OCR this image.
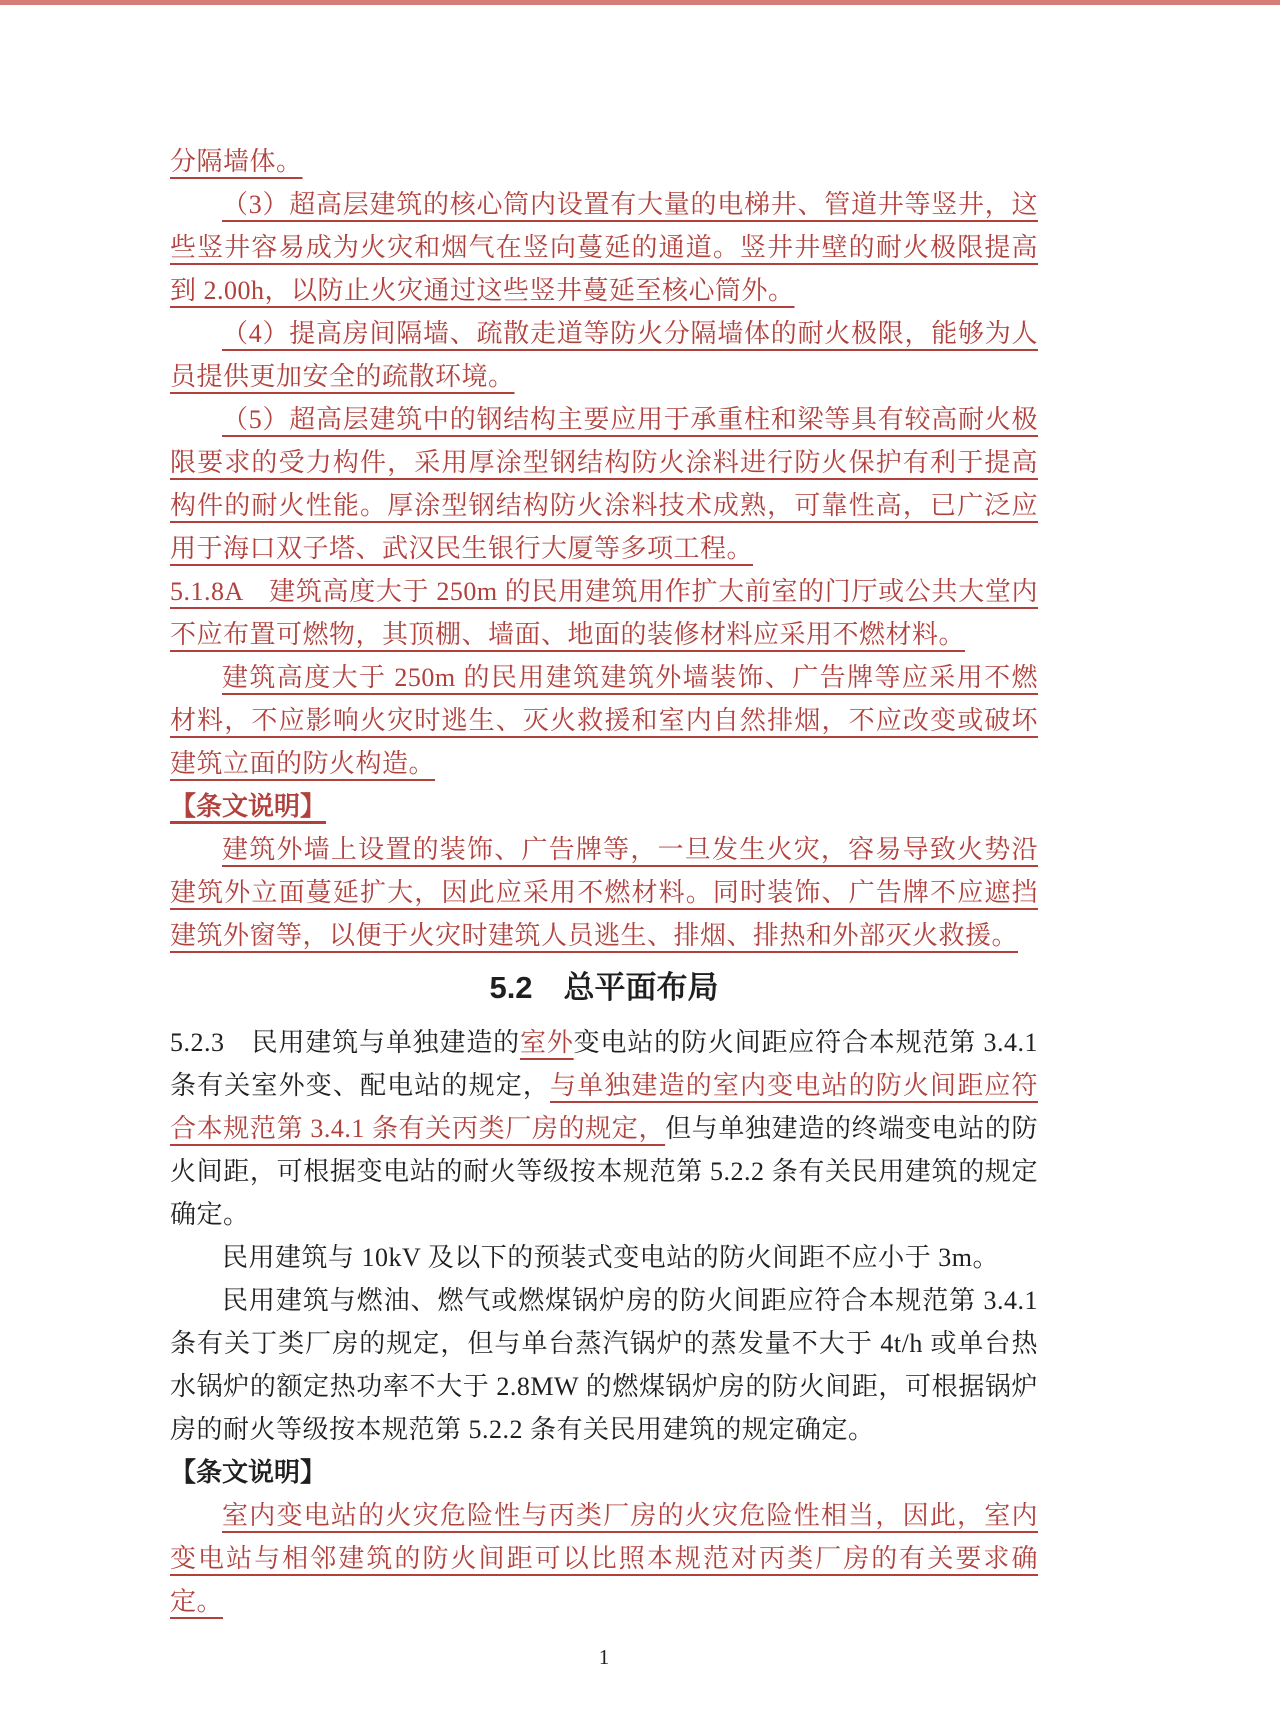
分隔墙体。
（3）超高层建筑的核心筒内设置有大量的电梯井、管道井等竖井，这些竖井容易成为火灾和烟气在竖向蔓延的通道。竖井井壁的耐火极限提高到 2.00h，以防止火灾通过这些竖井蔓延至核心筒外。
（4）提高房间隔墙、疏散走道等防火分隔墙体的耐火极限，能够为人员提供更加安全的疏散环境。
（5）超高层建筑中的钢结构主要应用于承重柱和梁等具有较高耐火极限要求的受力构件，采用厚涂型钢结构防火涂料进行防火保护有利于提高构件的耐火性能。厚涂型钢结构防火涂料技术成熟，可靠性高，已广泛应用于海口双子塔、武汉民生银行大厦等多项工程。
5.1.8A　建筑高度大于 250m 的民用建筑用作扩大前室的门厅或公共大堂内不应布置可燃物，其顶棚、墙面、地面的装修材料应采用不燃材料。
建筑高度大于 250m 的民用建筑建筑外墙装饰、广告牌等应采用不燃材料，不应影响火灾时逃生、灭火救援和室内自然排烟，不应改变或破坏建筑立面的防火构造。
【条文说明】
建筑外墙上设置的装饰、广告牌等，一旦发生火灾，容易导致火势沿建筑外立面蔓延扩大，因此应采用不燃材料。同时装饰、广告牌不应遮挡建筑外窗等，以便于火灾时建筑人员逃生、排烟、排热和外部灭火救援。
5.2　总平面布局
5.2.3　民用建筑与单独建造的室外变电站的防火间距应符合本规范第 3.4.1 条有关室外变、配电站的规定，与单独建造的室内变电站的防火间距应符合本规范第 3.4.1 条有关丙类厂房的规定，但与单独建造的终端变电站的防火间距，可根据变电站的耐火等级按本规范第 5.2.2 条有关民用建筑的规定确定。
民用建筑与 10kV 及以下的预装式变电站的防火间距不应小于 3m。
民用建筑与燃油、燃气或燃煤锅炉房的防火间距应符合本规范第 3.4.1 条有关丁类厂房的规定，但与单台蒸汽锅炉的蒸发量不大于 4t/h 或单台热水锅炉的额定热功率不大于 2.8MW 的燃煤锅炉房的防火间距，可根据锅炉房的耐火等级按本规范第 5.2.2 条有关民用建筑的规定确定。
【条文说明】
室内变电站的火灾危险性与丙类厂房的火灾危险性相当，因此，室内变电站与相邻建筑的防火间距可以比照本规范对丙类厂房的有关要求确定。
1
